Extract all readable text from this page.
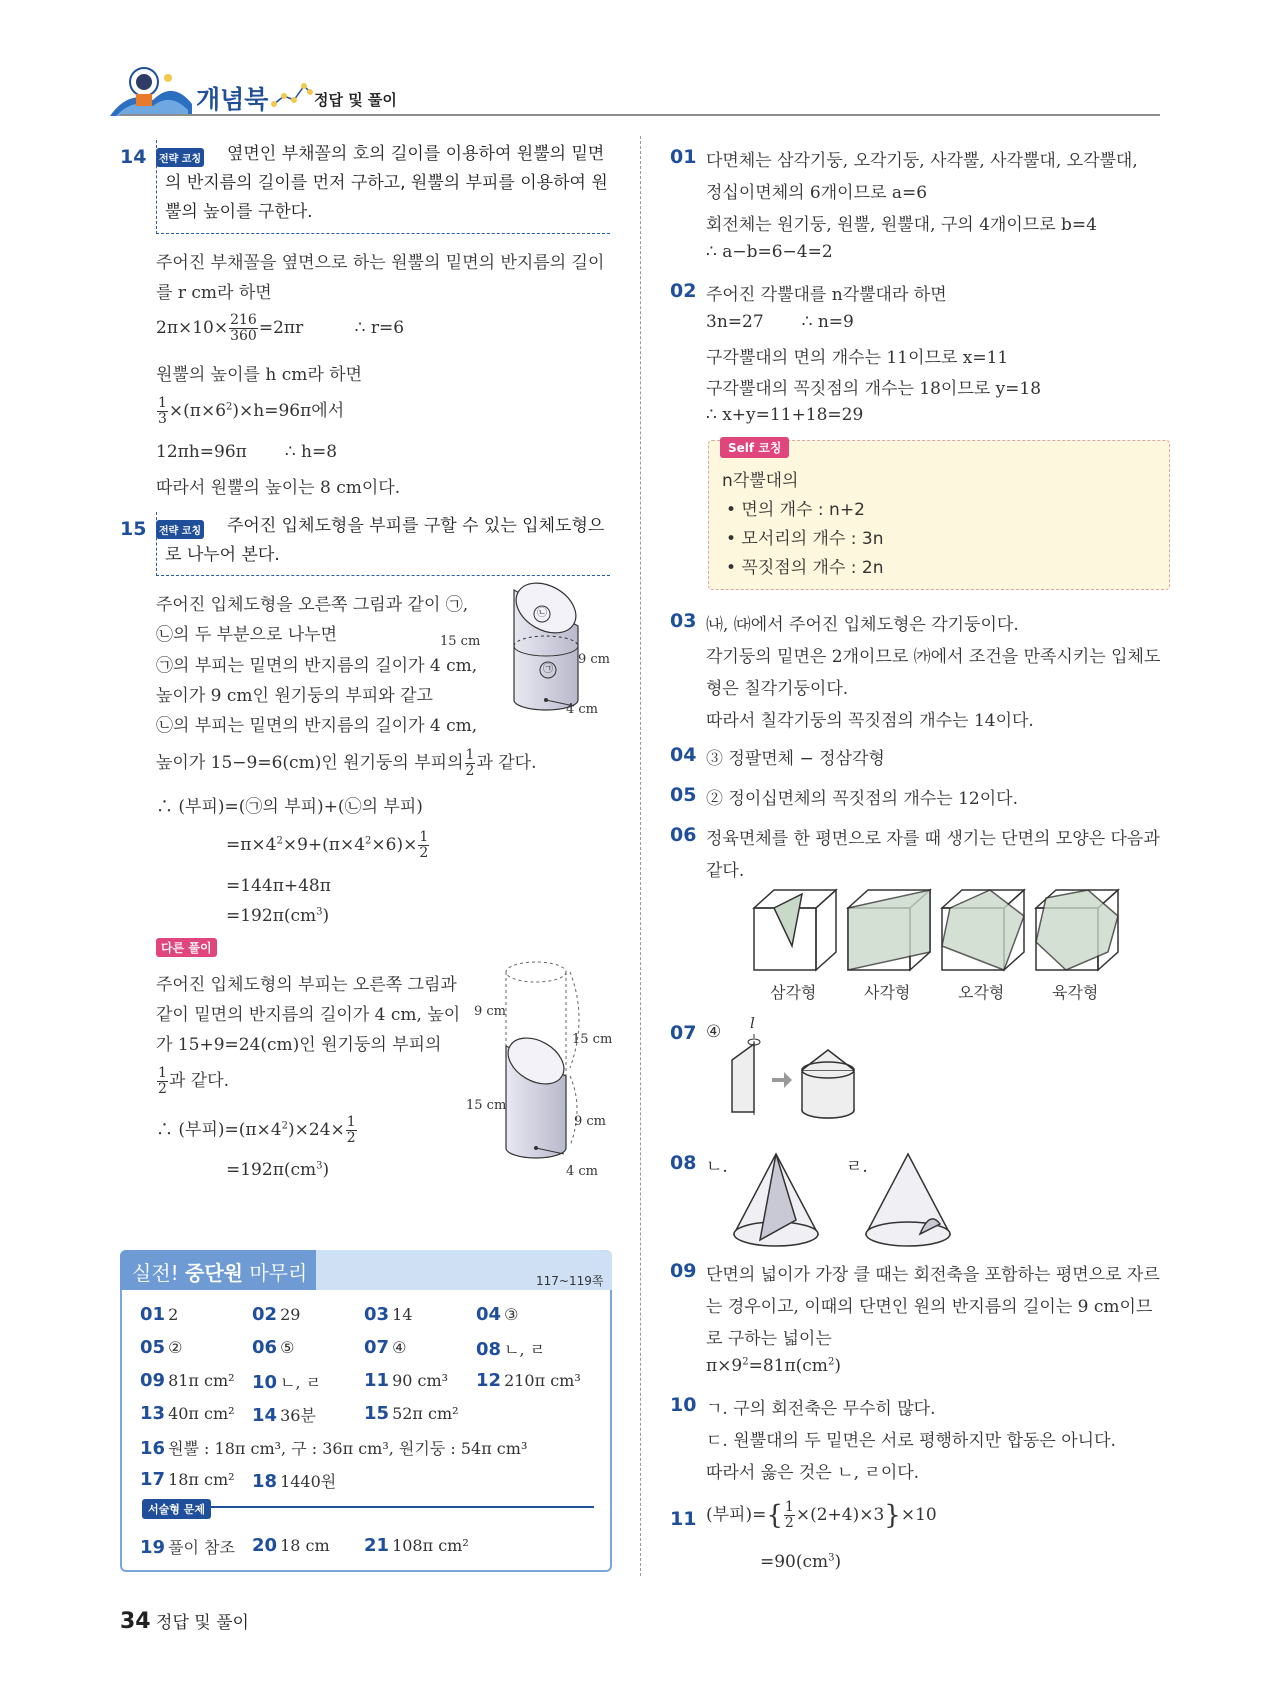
개념북	정답 및 풀이
14	전략 코칭	옆면인 부채꼴의 호의 길이를 이용하여 원뿔의 밑면
의 반지름의 길이를 먼저 구하고, 원뿔의 부피를 이용하여 원
뿔의 높이를 구한다.
주어진 부채꼴을 옆면으로 하는 원뿔의 밑면의 반지름의 길이
를 r cm라 하면
$2\pi\times 10\times \frac{216}{360} =2\pi r$	∴ r=6
원뿔의 높이를 h cm라 하면
$\frac{1}{3} \times(\pi\times 6^2)\times h=96\pi$에서
12πh=96π ∴ h=8
따라서 원뿔의 높이는 8 cm이다.
15	전략 코칭	주어진 입체도형을 부피를 구할 수 있는 입체도형으
로 나누어 본다.
주어진 입체도형을 오른쪽 그림과 같이 ㉠,
㉡의 두 부분으로 나누면
㉠의 부피는 밑면의 반지름의 길이가 4 cm,
높이가 9 cm인 원기둥의 부피와 같고
㉡의 부피는 밑면의 반지름의 길이가 4 cm,
높이가 15−9=6(cm)인 원기둥의 부피의 $\frac{1}{2}$ 과 같다.
∴ (부피)=(㉠의 부피)+(㉡의 부피)
$=\pi\times 4^2\times 9+(\pi\times 4^2\times 6)\times \frac{1}{2}$
=144π+48π
$=192\pi(cm^3)$
15 cm
9 cm
4 cm
㉡
㉠
다른 풀이
주어진 입체도형의 부피는 오른쪽 그림과
같이 밑면의 반지름의 길이가 4 cm, 높이
가 15+9=24(cm)인 원기둥의 부피의
$\frac{1}{2}$ 과 같다.
∴ (부피)$=(\pi\times 4^2)\times 24\times \frac{1}{2}$
$=192\pi(cm^3)$
9 cm
15 cm
15 cm
9 cm
4 cm
실전! 중단원 마무리	117~119쪽
01 2	02 29	03 14	04 ③
05 ②	06 ⑤	07 ④	08 ㄴ, ㄹ
09 81π cm² 10 ㄴ, ㄹ 11 90 cm³ 12 210π cm³
13 40π cm² 14 36분	15 52π cm²
16 원뿔 : 18π cm³, 구 : 36π cm³, 원기둥 : 54π cm³
17 18π cm² 18 1440원
서술형 문제
19 풀이 참조 20 18 cm 21 108π cm²
01 다면체는 삼각기둥, 오각기둥, 사각뿔, 사각뿔대, 오각뿔대,
정십이면체의 6개이므로 a=6
회전체는 원기둥, 원뿔, 원뿔대, 구의 4개이므로 b=4
∴ a−b=6−4=2
02 주어진 각뿔대를 n각뿔대라 하면
3n=27 ∴ n=9
구각뿔대의 면의 개수는 11이므로 x=11
구각뿔대의 꼭짓점의 개수는 18이므로 y=18
∴ x+y=11+18=29
Self 코칭
n각뿔대의
• 면의 개수 : n+2
• 모서리의 개수 : 3n
• 꼭짓점의 개수 : 2n
03 ㈏, ㈐에서 주어진 입체도형은 각기둥이다.
각기둥의 밑면은 2개이므로 ㈎에서 조건을 만족시키는 입체도
형은 칠각기둥이다.
따라서 칠각기둥의 꼭짓점의 개수는 14이다.
04 ③ 정팔면체 − 정삼각형
05 ② 정이십면체의 꼭짓점의 개수는 12이다.
06 정육면체를 한 평면으로 자를 때 생기는 단면의 모양은 다음과
같다.
삼각형	사각형	오각형	육각형
07 ④ l
08 ㄴ.	ㄹ.
09 단면의 넓이가 가장 클 때는 회전축을 포함하는 평면으로 자르
는 경우이고, 이때의 단면인 원의 반지름의 길이는 9 cm이므
로 구하는 넓이는
$\pi\times 9^2=81\pi(cm^2)$
10 ㄱ. 구의 회전축은 무수히 많다.
ㄷ. 원뿔대의 두 밑면은 서로 평행하지만 합동은 아니다.
따라서 옳은 것은 ㄴ, ㄹ이다.
11 (부피)={ $\frac{1}{2} \times(2+4)\times 3\}\times 10$
$=90(cm^3)$
34 정답 및 풀이
